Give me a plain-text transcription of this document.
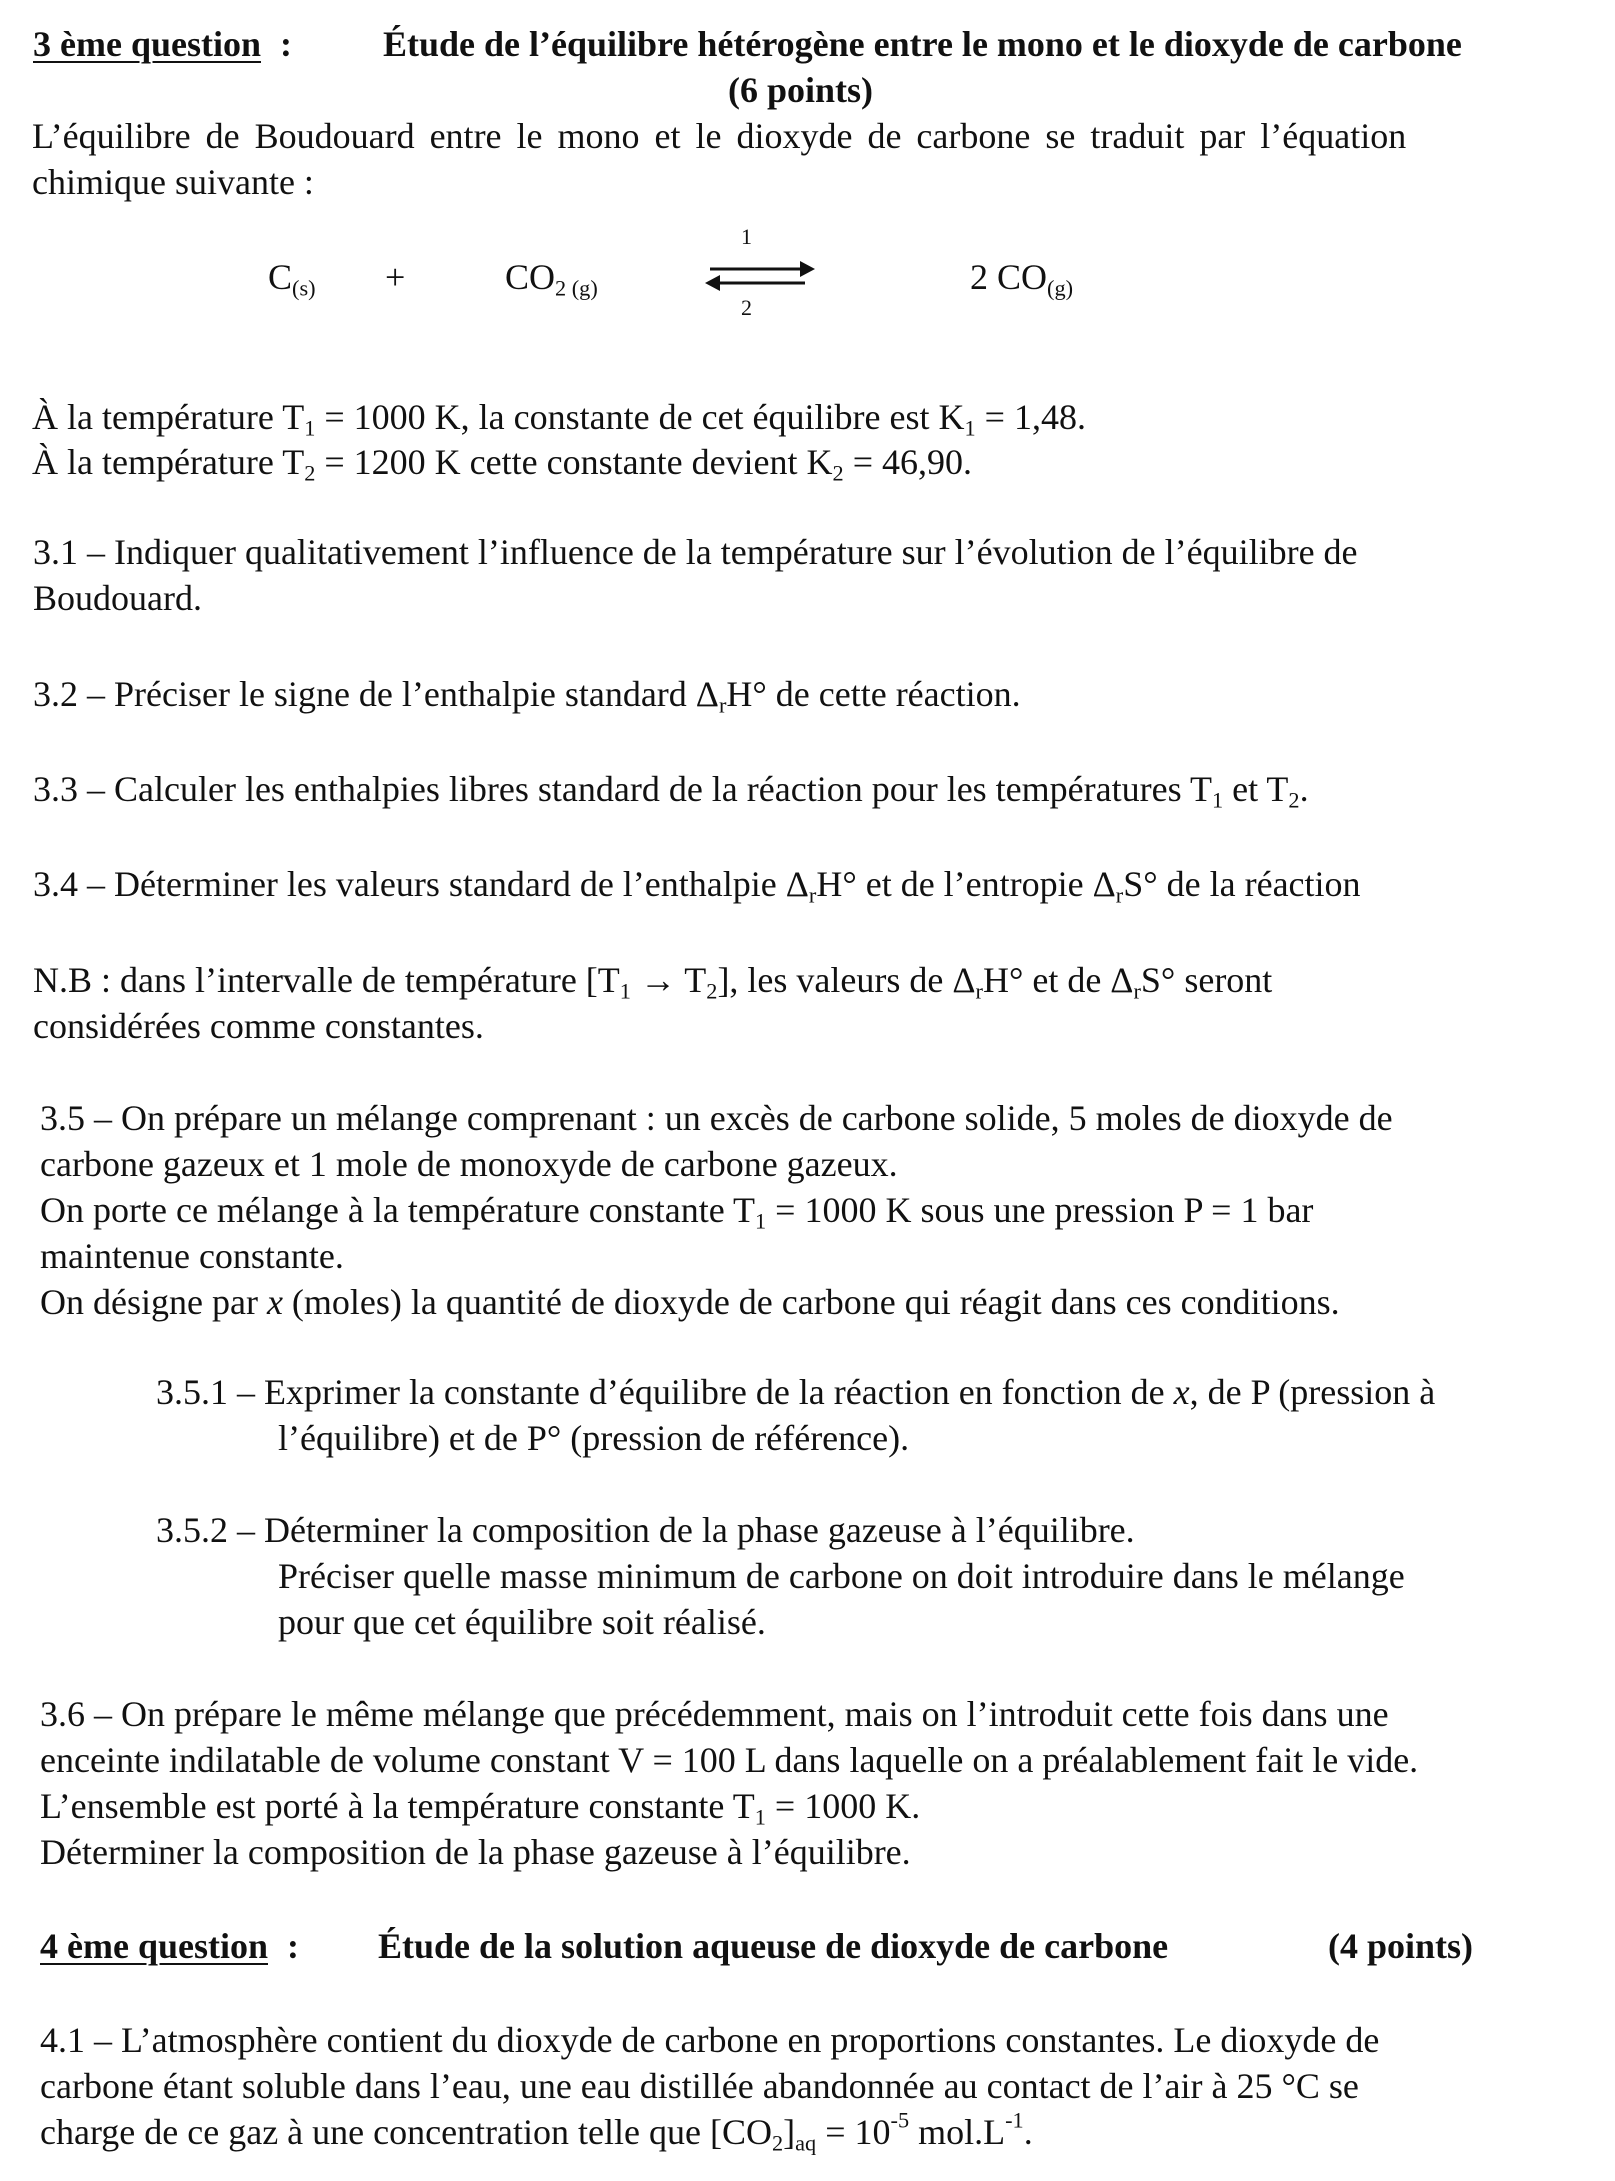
3 ème question :	Étude de l’équilibre hétérogène entre le mono et le dioxyde de carbone
(6 points)
L’équilibre de Boudouard entre le mono et le dioxyde de carbone se traduit par l’équation
chimique suivante :
$C_{(s)}$ +	$CO_2$ $_{(g)}$
1
2
2 $CO_{(g)}$
À la température $T_1 = 1000$ K, la constante de cet équilibre est $K_1 = 1,48$.
À la température $T_2 = 1200$ K cette constante devient $K_2 = 46,90$.
3.1 – Indiquer qualitativement l’influence de la température sur l’évolution de l’équilibre de
Boudouard.
3.2 – Préciser le signe de l’enthalpie standard $\Delta_rH^\circ$ de cette réaction.
3.3 – Calculer les enthalpies libres standard de la réaction pour les températures $T_1$ et $T_2$.
3.4 – Déterminer les valeurs standard de l’enthalpie $\Delta_rH^\circ$ et de l’entropie $\Delta_rS^\circ$ de la réaction
N.B : dans l’intervalle de température $[T_1 \to T_2]$, les valeurs de $\Delta_rH^\circ$ et de $\Delta_rS^\circ$ seront
considérées comme constantes.
3.5 – On prépare un mélange comprenant : un excès de carbone solide, 5 moles de dioxyde de
carbone gazeux et 1 mole de monoxyde de carbone gazeux.
On porte ce mélange à la température constante $T_1 = 1000$ K sous une pression P = 1 bar
maintenue constante.
On désigne par x (moles) la quantité de dioxyde de carbone qui réagit dans ces conditions.
3.5.1 – Exprimer la constante d’équilibre de la réaction en fonction de x, de P (pression à
l’équilibre) et de P° (pression de référence).
3.5.2 – Déterminer la composition de la phase gazeuse à l’équilibre.
Préciser quelle masse minimum de carbone on doit introduire dans le mélange
pour que cet équilibre soit réalisé.
3.6 – On prépare le même mélange que précédemment, mais on l’introduit cette fois dans une
enceinte indilatable de volume constant V = 100 L dans laquelle on a préalablement fait le vide.
L’ensemble est porté à la température constante $T_1 = 1000$ K.
Déterminer la composition de la phase gazeuse à l’équilibre.
4 ème question : Étude de la solution aqueuse de dioxyde de carbone	(4 points)
4.1 – L’atmosphère contient du dioxyde de carbone en proportions constantes. Le dioxyde de
carbone étant soluble dans l’eau, une eau distillée abandonnée au contact de l’air à 25 °C se
charge de ce gaz à une concentration telle que $[CO_2]_{aq} = 10^{-5}$ $mol.L^{-1}$.
